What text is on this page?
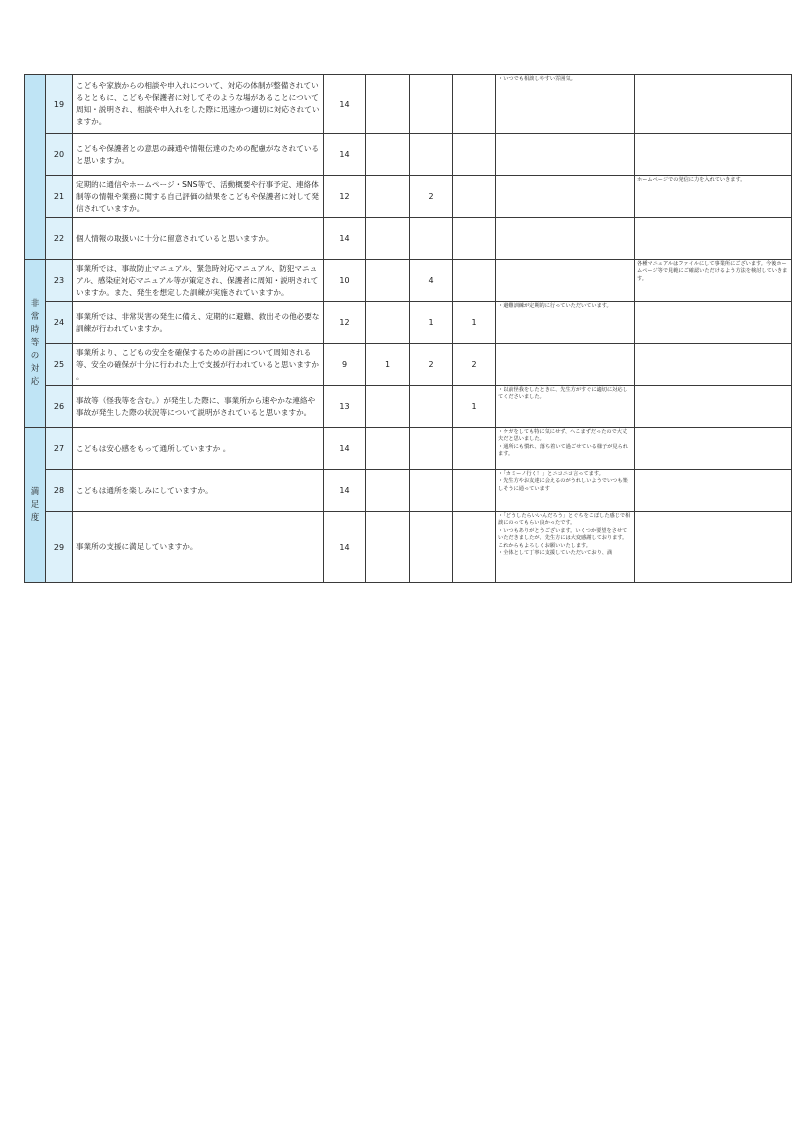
	19	こどもや家族からの相談や申入れについて、対応の体制が整備されているとともに、こどもや保護者に対してそのような場があることについて周知・説明され、相談や申入れをした際に迅速かつ適切に対応されていますか。	14				・いつでも相談しやすい雰囲気。	
	20	こどもや保護者との意思の疎通や情報伝達のための配慮がなされていると思いますか。	14					
	21	定期的に通信やホームページ・SNS等で、活動概要や行事予定、連絡体制等の情報や業務に関する自己評価の結果をこどもや保護者に対して発信されていますか。	12		2			ホームページでの発信に力を入れていきます。
	22	個人情報の取扱いに十分に留意されていると思いますか。	14					
非常時等の対応	23	事業所では、事故防止マニュアル、緊急時対応マニュアル、防犯マニュアル、感染症対応マニュアル等が策定され、保護者に周知・説明されていますか。また、発生を想定した訓練が実施されていますか。	10		4			各種マニュアルはファイルにして事業所にございます。今後ホームページ等で見範にご確認いただけるよう方法を検討していきます。
	24	事業所では、非常災害の発生に備え、定期的に避難、救出その他必要な訓練が行われていますか。	12		1	1	・避難訓練が定期的に行っていただいています。	
	25	事業所より、こどもの安全を確保するための計画について周知される等、安全の確保が十分に行われた上で支援が行われていると思いますか 。	9	1	2	2		
	26	事故等（怪我等を含む。）が発生した際に、事業所から速やかな連絡や事故が発生した際の状況等について説明がされていると思いますか。	13			1	・以前怪我をしたときに、先生方がすぐに適切に対応してくださいました。	
満足度	27	こどもは安心感をもって通所していますか 。	14				・ケガをしても特に気にせず、へこまずだったので大丈夫だと思いました。
・通所にも慣れ、落ち着いて過ごせている様子が見られます。	
	28	こどもは通所を楽しみにしていますか。	14				・「カミーノ行く！」とニコニコ言ってます。
・先生方やお友達に会えるのがうれしいようでいつも楽しそうに通っています	
	29	事業所の支援に満足していますか。	14				・「どうしたらいいんだろう」とぐちをこぼした感じで相談にのってもらい良かったです。
・いつもありがとうございます。いくつか要望をさせていただきましたが、先生方には大変感謝しております。これからもよろしくお願いいたします。
・全体として丁寧に支援していただいており、満	
